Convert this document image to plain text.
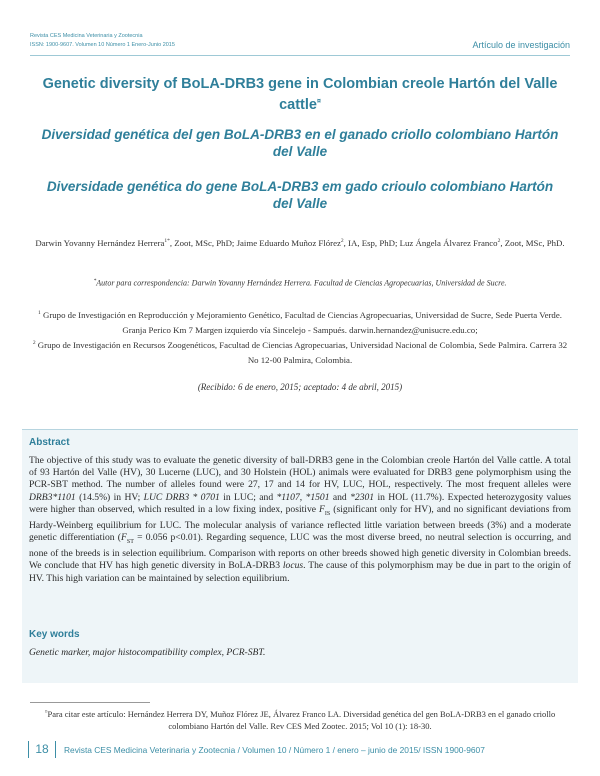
Revista CES Medicina Veterinaria y Zootecnia
ISSN: 1900-9607. Volumen 10 Número 1 Enero-Junio 2015	Artículo de investigación
Genetic diversity of BoLA-DRB3 gene in Colombian creole Hartón del Valle cattle¤
Diversidad genética del gen BoLA-DRB3 en el ganado criollo colombiano Hartón del Valle
Diversidade genética do gene BoLA-DRB3 em gado crioulo colombiano Hartón del Valle
Darwin Yovanny Hernández Herrera$^{1*}$, Zoot, MSc, PhD; Jaime Eduardo Muñoz Flórez$^2$, IA, Esp, PhD; Luz Ángela Álvarez Franco$^2$, Zoot, MSc, PhD.
*Autor para correspondencia: Darwin Yovanny Hernández Herrera. Facultad de Ciencias Agropecuarias, Universidad de Sucre.
$^1$ Grupo de Investigación en Reproducción y Mejoramiento Genético, Facultad de Ciencias Agropecuarias, Universidad de Sucre, Sede Puerta Verde. Granja Perico Km 7 Margen izquierdo vía Sincelejo - Sampués. darwin.hernandez@unisucre.edu.co;
$^2$ Grupo de Investigación en Recursos Zoogenéticos, Facultad de Ciencias Agropecuarias, Universidad Nacional de Colombia, Sede Palmira. Carrera 32 No 12-00 Palmira, Colombia.
(Recibido: 6 de enero, 2015; aceptado: 4 de abril, 2015)
Abstract

The objective of this study was to evaluate the genetic diversity of ball-DRB3 gene in the Colombian creole Hartón del Valle cattle. A total of 93 Hartón del Valle (HV), 30 Lucerne (LUC), and 30 Holstein (HOL) animals were evaluated for DRB3 gene polymorphism using the PCR-SBT method. The number of alleles found were 27, 17 and 14 for HV, LUC, HOL, respectively. The most frequent alleles were DRB3*1101 (14.5%) in HV; LUC DRB3 * 0701 in LUC; and *1107, *1501 and *2301 in HOL (11.7%). Expected heterozygosity values were higher than observed, which resulted in a low fixing index, positive $F_{IS}$ (significant only for HV), and no significant deviations from Hardy-Weinberg equilibrium for LUC. The molecular analysis of variance reflected little variation between breeds (3%) and a moderate genetic differentiation ($F_{ST} = 0.056$ p<0.01). Regarding sequence, LUC was the most diverse breed, no neutral selection is occurring, and none of the breeds is in selection equilibrium. Comparison with reports on other breeds showed high genetic diversity in Colombian breeds. We conclude that HV has high genetic diversity in BoLA-DRB3 locus. The cause of this polymorphism may be due in part to the origin of HV. This high variation can be maintained by selection equilibrium.

Key words

Genetic marker, major histocompatibility complex, PCR-SBT.

¤Para citar este artículo: Hernández Herrera DY, Muñoz Flórez JE, Álvarez Franco LA. Diversidad genética del gen BoLA-DRB3 en el ganado criollo colombiano Hartón del Valle. Rev CES Med Zootec. 2015; Vol 10 (1): 18-30.
18	Revista CES Medicina Veterinaria y Zootecnia / Volumen 10 / Número 1 / enero – junio de 2015/ ISSN 1900-9607
